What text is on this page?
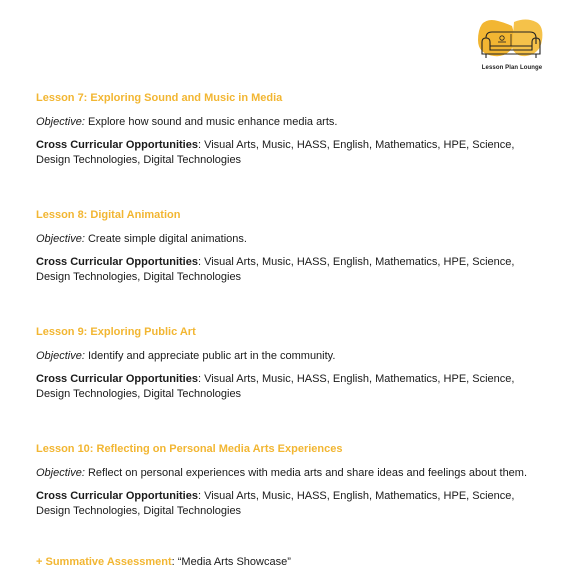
Lesson Plan Lounge
Lesson 7: Exploring Sound and Music in Media

Objective: Explore how sound and music enhance media arts.

Cross Curricular Opportunities: Visual Arts, Music, HASS, English, Mathematics, HPE, Science, Design Technologies, Digital Technologies

Lesson 8: Digital Animation

Objective: Create simple digital animations.

Cross Curricular Opportunities: Visual Arts, Music, HASS, English, Mathematics, HPE, Science, Design Technologies, Digital Technologies

Lesson 9: Exploring Public Art

Objective: Identify and appreciate public art in the community.

Cross Curricular Opportunities: Visual Arts, Music, HASS, English, Mathematics, HPE, Science, Design Technologies, Digital Technologies

Lesson 10: Reflecting on Personal Media Arts Experiences

Objective: Reflect on personal experiences with media arts and share ideas and feelings about them.

Cross Curricular Opportunities: Visual Arts, Music, HASS, English, Mathematics, HPE, Science, Design Technologies, Digital Technologies

+ Summative Assessment: “Media Arts Showcase”
